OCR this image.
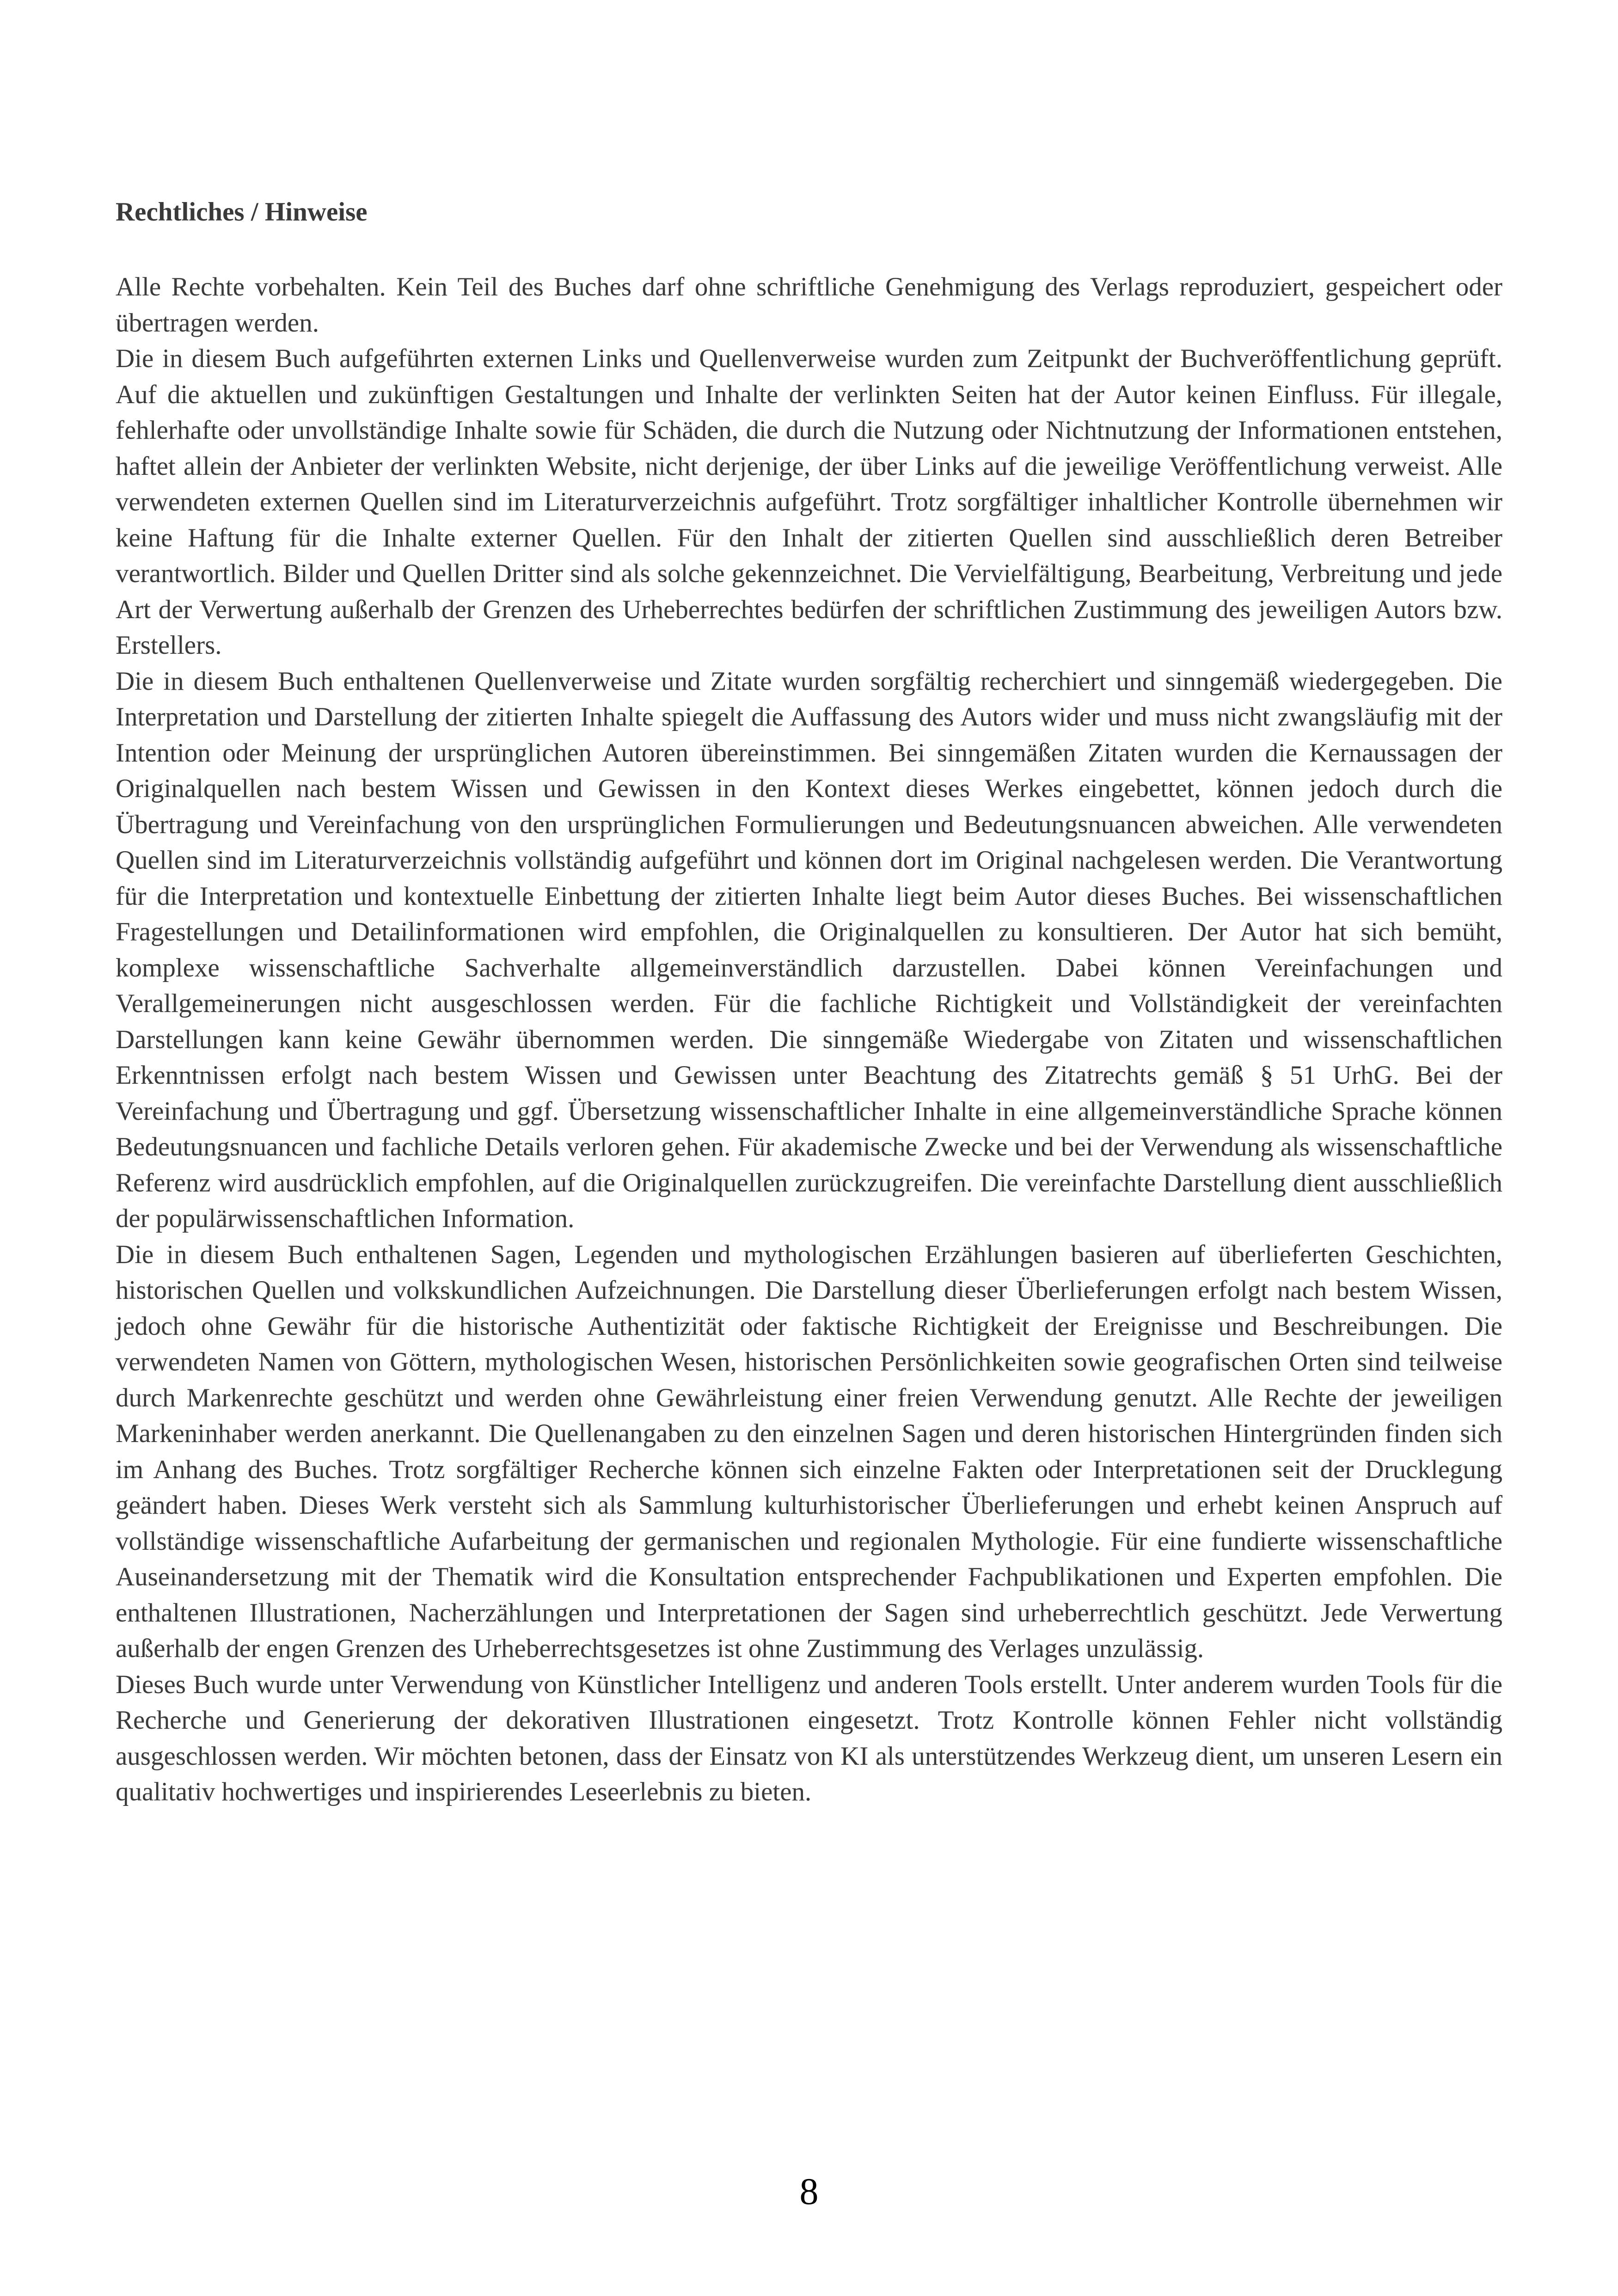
Rechtliches / Hinweise

Alle Rechte vorbehalten. Kein Teil des Buches darf ohne schriftliche Genehmigung des Verlags reproduziert, gespeichert oder übertragen werden.

Die in diesem Buch aufgeführten externen Links und Quellenverweise wurden zum Zeitpunkt der Buchveröffentlichung geprüft. Auf die aktuellen und zukünftigen Gestaltungen und Inhalte der verlinkten Seiten hat der Autor keinen Einfluss. Für illegale, fehlerhafte oder unvollständige Inhalte sowie für Schäden, die durch die Nutzung oder Nichtnutzung der Informationen entstehen, haftet allein der Anbieter der verlinkten Website, nicht derjenige, der über Links auf die jeweilige Veröffentlichung verweist. Alle verwendeten externen Quellen sind im Literaturverzeichnis aufgeführt. Trotz sorgfältiger inhaltlicher Kontrolle übernehmen wir keine Haftung für die Inhalte externer Quellen. Für den Inhalt der zitierten Quellen sind ausschließlich deren Betreiber verantwortlich. Bilder und Quellen Dritter sind als solche gekennzeichnet. Die Vervielfältigung, Bearbeitung, Verbreitung und jede Art der Verwertung außerhalb der Grenzen des Urheberrechtes bedürfen der schriftlichen Zustimmung des jeweiligen Autors bzw. Erstellers.

Die in diesem Buch enthaltenen Quellenverweise und Zitate wurden sorgfältig recherchiert und sinngemäß wiedergegeben. Die Interpretation und Darstellung der zitierten Inhalte spiegelt die Auffassung des Autors wider und muss nicht zwangsläufig mit der Intention oder Meinung der ursprünglichen Autoren übereinstimmen. Bei sinngemäßen Zitaten wurden die Kernaussagen der Originalquellen nach bestem Wissen und Gewissen in den Kontext dieses Werkes eingebettet, können jedoch durch die Übertragung und Vereinfachung von den ursprünglichen Formulierungen und Bedeutungsnuancen abweichen. Alle verwendeten Quellen sind im Literaturverzeichnis vollständig aufgeführt und können dort im Original nachgelesen werden. Die Verantwortung für die Interpretation und kontextuelle Einbettung der zitierten Inhalte liegt beim Autor dieses Buches. Bei wissenschaftlichen Fragestellungen und Detailinformationen wird empfohlen, die Originalquellen zu konsultieren. Der Autor hat sich bemüht, komplexe wissenschaftliche Sachverhalte allgemeinverständlich darzustellen. Dabei können Vereinfachungen und Verallgemeinerungen nicht ausgeschlossen werden. Für die fachliche Richtigkeit und Vollständigkeit der vereinfachten Darstellungen kann keine Gewähr übernommen werden. Die sinngemäße Wiedergabe von Zitaten und wissenschaftlichen Erkenntnissen erfolgt nach bestem Wissen und Gewissen unter Beachtung des Zitatrechts gemäß § 51 UrhG. Bei der Vereinfachung und Übertragung und ggf. Übersetzung wissenschaftlicher Inhalte in eine allgemeinverständliche Sprache können Bedeutungsnuancen und fachliche Details verloren gehen. Für akademische Zwecke und bei der Verwendung als wissenschaftliche Referenz wird ausdrücklich empfohlen, auf die Originalquellen zurückzugreifen. Die vereinfachte Darstellung dient ausschließlich der populärwissenschaftlichen Information.

Die in diesem Buch enthaltenen Sagen, Legenden und mythologischen Erzählungen basieren auf überlieferten Geschichten, historischen Quellen und volkskundlichen Aufzeichnungen. Die Darstellung dieser Überlieferungen erfolgt nach bestem Wissen, jedoch ohne Gewähr für die historische Authentizität oder faktische Richtigkeit der Ereignisse und Beschreibungen. Die verwendeten Namen von Göttern, mythologischen Wesen, historischen Persönlichkeiten sowie geografischen Orten sind teilweise durch Markenrechte geschützt und werden ohne Gewährleistung einer freien Verwendung genutzt. Alle Rechte der jeweiligen Markeninhaber werden anerkannt. Die Quellenangaben zu den einzelnen Sagen und deren historischen Hintergründen finden sich im Anhang des Buches. Trotz sorgfältiger Recherche können sich einzelne Fakten oder Interpretationen seit der Drucklegung geändert haben. Dieses Werk versteht sich als Sammlung kulturhistorischer Überlieferungen und erhebt keinen Anspruch auf vollständige wissenschaftliche Aufarbeitung der germanischen und regionalen Mythologie. Für eine fundierte wissenschaftliche Auseinandersetzung mit der Thematik wird die Konsultation entsprechender Fachpublikationen und Experten empfohlen. Die enthaltenen Illustrationen, Nacherzählungen und Interpretationen der Sagen sind urheberrechtlich geschützt. Jede Verwertung außerhalb der engen Grenzen des Urheberrechtsgesetzes ist ohne Zustimmung des Verlages unzulässig.

Dieses Buch wurde unter Verwendung von Künstlicher Intelligenz und anderen Tools erstellt. Unter anderem wurden Tools für die Recherche und Generierung der dekorativen Illustrationen eingesetzt. Trotz Kontrolle können Fehler nicht vollständig ausgeschlossen werden. Wir möchten betonen, dass der Einsatz von KI als unterstützendes Werkzeug dient, um unseren Lesern ein qualitativ hochwertiges und inspirierendes Leseerlebnis zu bieten.

8
